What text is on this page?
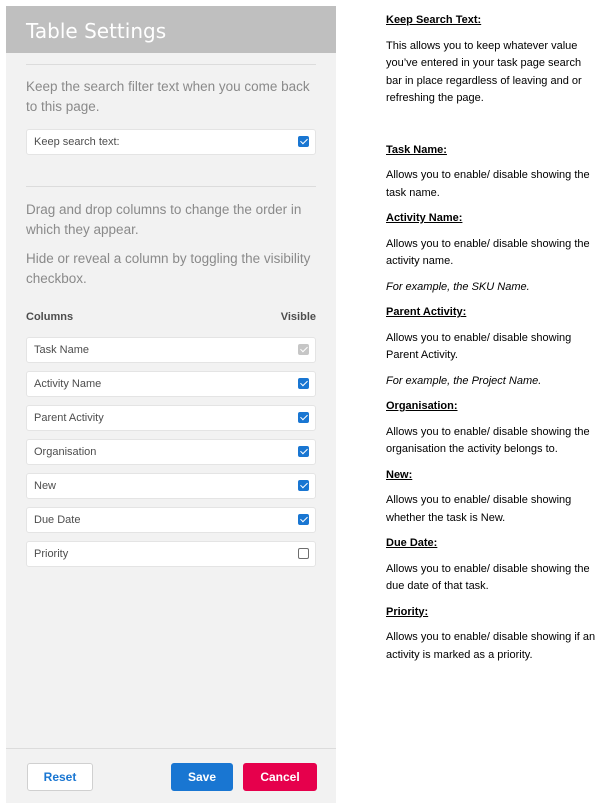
Table Settings

Keep the search filter text when you come back to this page.

Keep search text:

Drag and drop columns to change the order in which they appear.

Hide or reveal a column by toggling the visibility checkbox.

Columns	Visible
Task Name
Activity Name
Parent Activity
Organisation
New
Due Date
Priority
Reset	Save	Cancel

Keep Search Text:

This allows you to keep whatever value you’ve entered in your task page search bar in place regardless of leaving and or refreshing the page.

Task Name:

Allows you to enable/ disable showing the task name.

Activity Name:

Allows you to enable/ disable showing the activity name.

For example, the SKU Name.

Parent Activity:

Allows you to enable/ disable showing Parent Activity.

For example, the Project Name.

Organisation:

Allows you to enable/ disable showing the organisation the activity belongs to.

New:

Allows you to enable/ disable showing whether the task is New.

Due Date:

Allows you to enable/ disable showing the due date of that task.

Priority:

Allows you to enable/ disable showing if an activity is marked as a priority.
